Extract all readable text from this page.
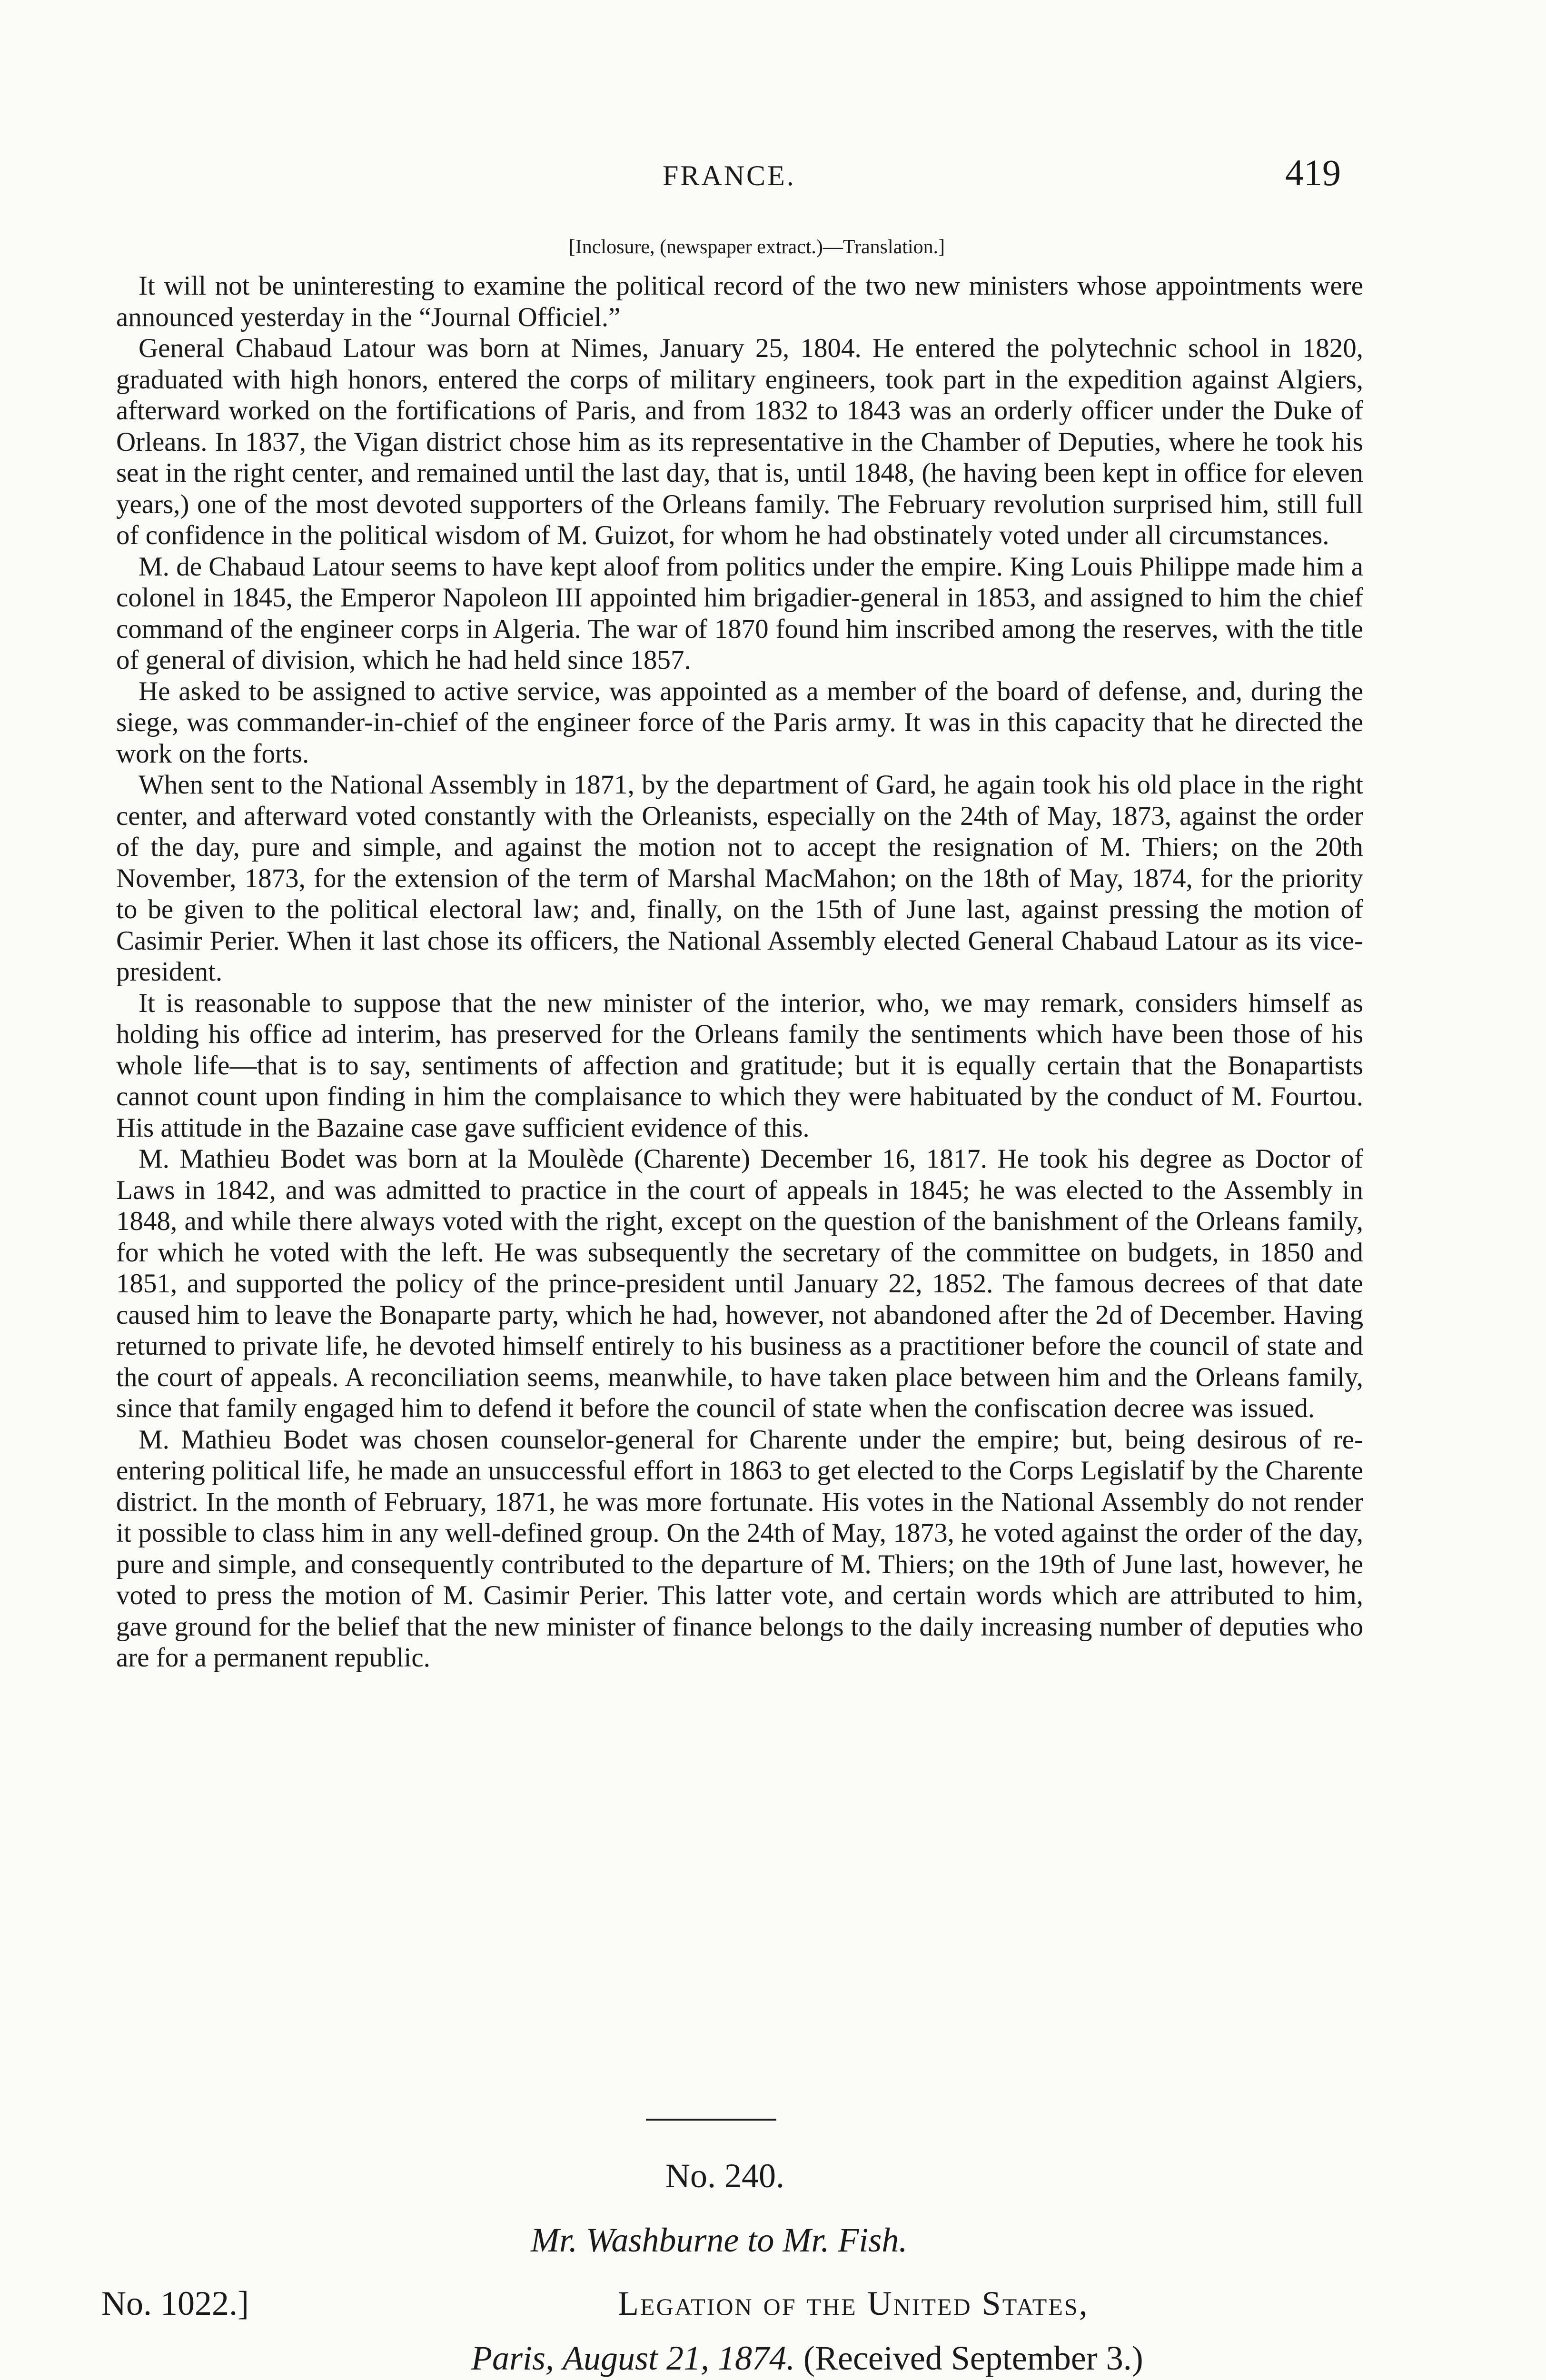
FRANCE.	419
[Inclosure, (newspaper extract.)—Translation.]

It will not be uninteresting to examine the political record of the two new ministers whose appointments were announced yesterday in the “Journal Officiel.”

General Chabaud Latour was born at Nimes, January 25, 1804. He entered the polytechnic school in 1820, graduated with high honors, entered the corps of military engineers, took part in the expedition against Algiers, afterward worked on the fortifications of Paris, and from 1832 to 1843 was an orderly officer under the Duke of Orleans. In 1837, the Vigan district chose him as its representative in the Chamber of Deputies, where he took his seat in the right center, and remained until the last day, that is, until 1848, (he having been kept in office for eleven years,) one of the most devoted supporters of the Orleans family. The February revolution surprised him, still full of confidence in the political wisdom of M. Guizot, for whom he had obstinately voted under all circumstances.

M. de Chabaud Latour seems to have kept aloof from politics under the empire. King Louis Philippe made him a colonel in 1845, the Emperor Napoleon III appointed him brigadier-general in 1853, and assigned to him the chief command of the engineer corps in Algeria. The war of 1870 found him inscribed among the reserves, with the title of general of division, which he had held since 1857.

He asked to be assigned to active service, was appointed as a member of the board of defense, and, during the siege, was commander-in-chief of the engineer force of the Paris army. It was in this capacity that he directed the work on the forts.

When sent to the National Assembly in 1871, by the department of Gard, he again took his old place in the right center, and afterward voted constantly with the Orleanists, especially on the 24th of May, 1873, against the order of the day, pure and simple, and against the motion not to accept the resignation of M. Thiers; on the 20th November, 1873, for the extension of the term of Marshal MacMahon; on the 18th of May, 1874, for the priority to be given to the political electoral law; and, finally, on the 15th of June last, against pressing the motion of Casimir Perier. When it last chose its officers, the National Assembly elected General Chabaud Latour as its vice-president.

It is reasonable to suppose that the new minister of the interior, who, we may remark, considers himself as holding his office ad interim, has preserved for the Orleans family the sentiments which have been those of his whole life—that is to say, sentiments of affection and gratitude; but it is equally certain that the Bonapartists cannot count upon finding in him the complaisance to which they were habituated by the conduct of M. Fourtou. His attitude in the Bazaine case gave sufficient evidence of this.

M. Mathieu Bodet was born at la Moulède (Charente) December 16, 1817. He took his degree as Doctor of Laws in 1842, and was admitted to practice in the court of appeals in 1845; he was elected to the Assembly in 1848, and while there always voted with the right, except on the question of the banishment of the Orleans family, for which he voted with the left. He was subsequently the secretary of the committee on budgets, in 1850 and 1851, and supported the policy of the prince-president until January 22, 1852. The famous decrees of that date caused him to leave the Bonaparte party, which he had, however, not abandoned after the 2d of December. Having returned to private life, he devoted himself entirely to his business as a practitioner before the council of state and the court of appeals. A reconciliation seems, meanwhile, to have taken place between him and the Orleans family, since that family engaged him to defend it before the council of state when the confiscation decree was issued.

M. Mathieu Bodet was chosen counselor-general for Charente under the empire; but, being desirous of re-entering political life, he made an unsuccessful effort in 1863 to get elected to the Corps Legislatif by the Charente district. In the month of February, 1871, he was more fortunate. His votes in the National Assembly do not render it possible to class him in any well-defined group. On the 24th of May, 1873, he voted against the order of the day, pure and simple, and consequently contributed to the departure of M. Thiers; on the 19th of June last, however, he voted to press the motion of M. Casimir Perier. This latter vote, and certain words which are attributed to him, gave ground for the belief that the new minister of finance belongs to the daily increasing number of deputies who are for a permanent republic.

No. 240.
Mr. Washburne to Mr. Fish.
No. 1022.]	Legation of the United States,
Paris, August 21, 1874. (Received September 3.)
